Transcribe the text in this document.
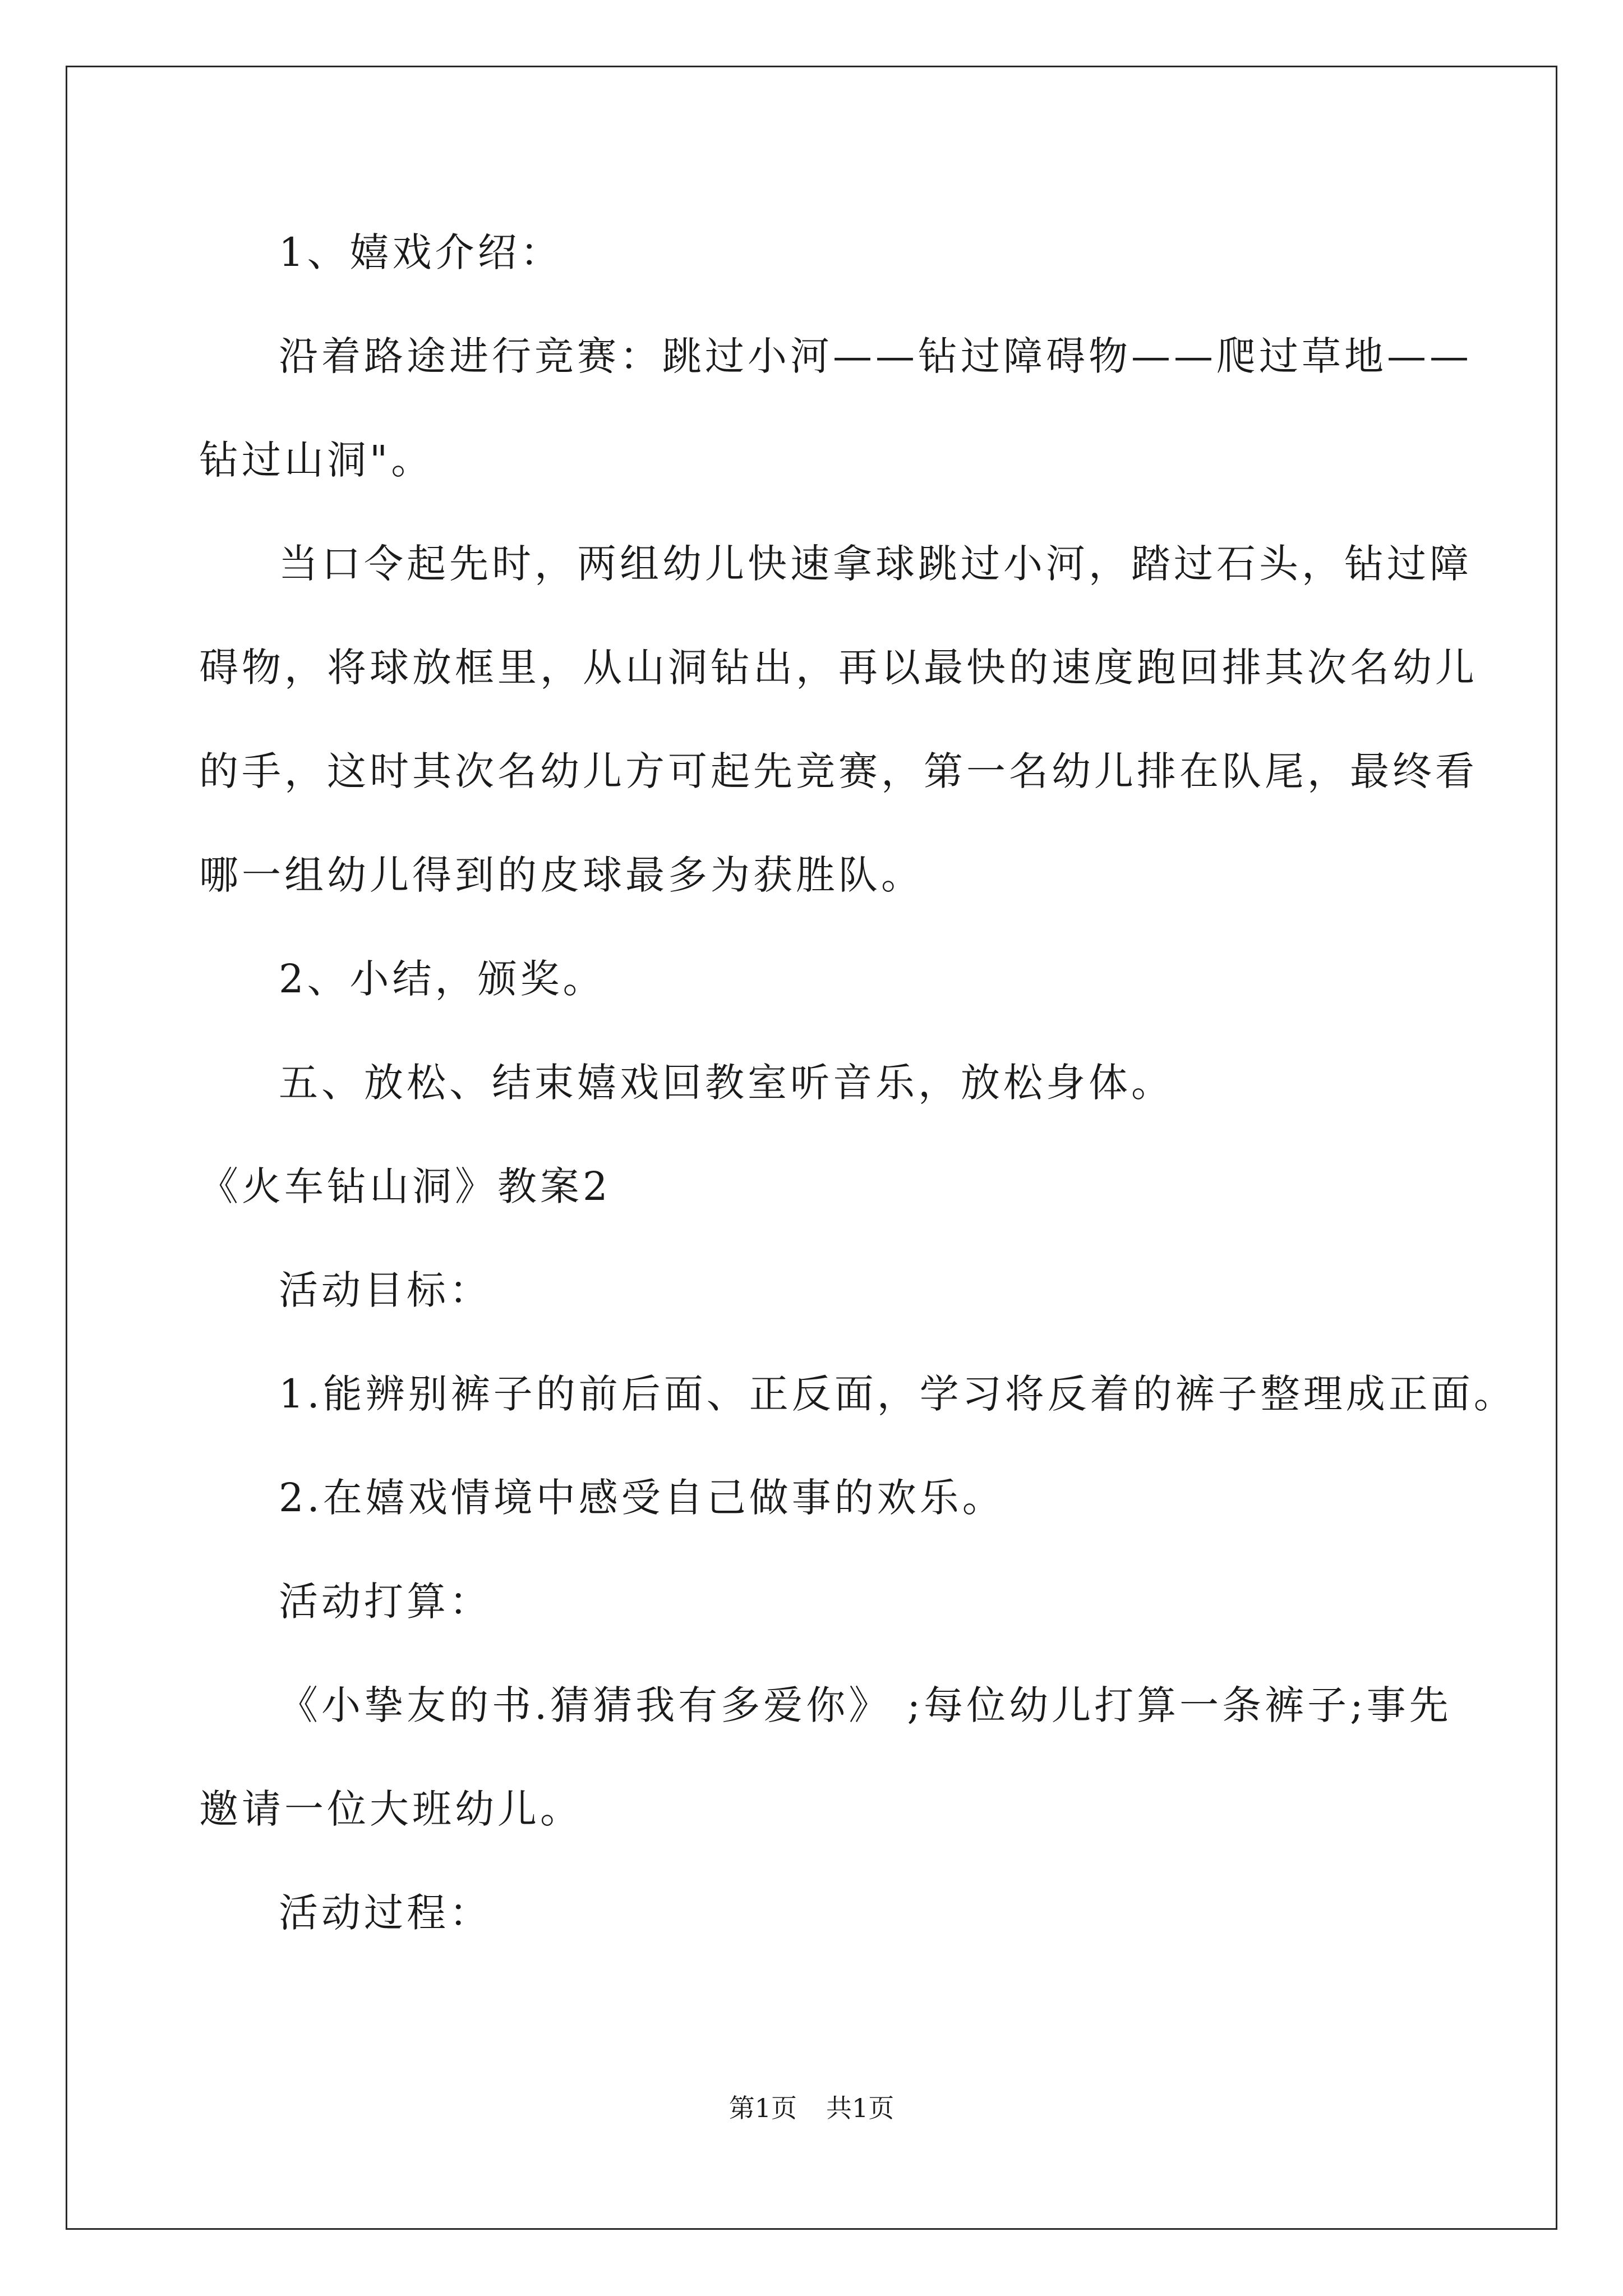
1、嬉戏介绍：
沿着路途进行竞赛：跳过小河——钻过障碍物——爬过草地——
钻过山洞"。
当口令起先时，两组幼儿快速拿球跳过小河，踏过石头，钻过障
碍物，将球放框里，从山洞钻出，再以最快的速度跑回排其次名幼儿
的手，这时其次名幼儿方可起先竞赛，第一名幼儿排在队尾，最终看
哪一组幼儿得到的皮球最多为获胜队。
2、小结，颁奖。
五、放松、结束嬉戏回教室听音乐，放松身体。
《火车钻山洞》教案2
活动目标：
1.能辨别裤子的前后面、正反面，学习将反着的裤子整理成正面。
2.在嬉戏情境中感受自己做事的欢乐。
活动打算：
《小挚友的书.猜猜我有多爱你》 ;每位幼儿打算一条裤子;事先
邀请一位大班幼儿。
活动过程：
第1页 共1页
